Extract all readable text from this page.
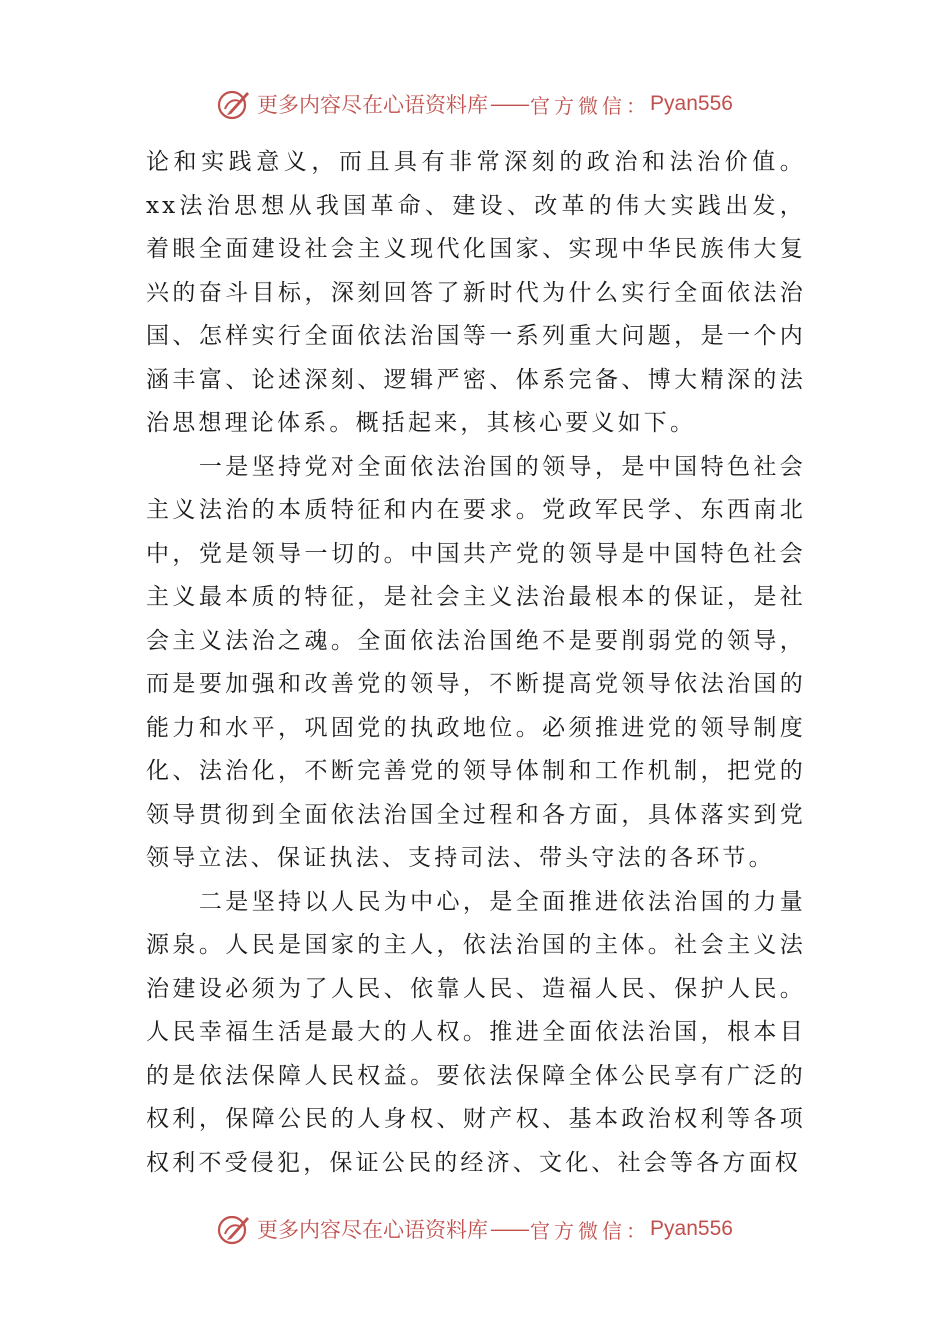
更多内容尽在心语资料库 —— 官方微信： Pyan556

论和实践意义，而且具有非常深刻的政治和法治价值。xx法治思想从我国革命、建设、改革的伟大实践出发，着眼全面建设社会主义现代化国家、实现中华民族伟大复兴的奋斗目标，深刻回答了新时代为什么实行全面依法治国、怎样实行全面依法治国等一系列重大问题，是一个内涵丰富、论述深刻、逻辑严密、体系完备、博大精深的法治思想理论体系。概括起来，其核心要义如下。

一是坚持党对全面依法治国的领导，是中国特色社会主义法治的本质特征和内在要求。党政军民学、东西南北中，党是领导一切的。中国共产党的领导是中国特色社会主义最本质的特征，是社会主义法治最根本的保证，是社会主义法治之魂。全面依法治国绝不是要削弱党的领导，而是要加强和改善党的领导，不断提高党领导依法治国的能力和水平，巩固党的执政地位。必须推进党的领导制度化、法治化，不断完善党的领导体制和工作机制，把党的领导贯彻到全面依法治国全过程和各方面，具体落实到党领导立法、保证执法、支持司法、带头守法的各环节。

二是坚持以人民为中心，是全面推进依法治国的力量源泉。人民是国家的主人，依法治国的主体。社会主义法治建设必须为了人民、依靠人民、造福人民、保护人民。人民幸福生活是最大的人权。推进全面依法治国，根本目的是依法保障人民权益。要依法保障全体公民享有广泛的权利，保障公民的人身权、财产权、基本政治权利等各项权利不受侵犯，保证公民的经济、文化、社会等各方面权

更多内容尽在心语资料库 —— 官方微信： Pyan556
